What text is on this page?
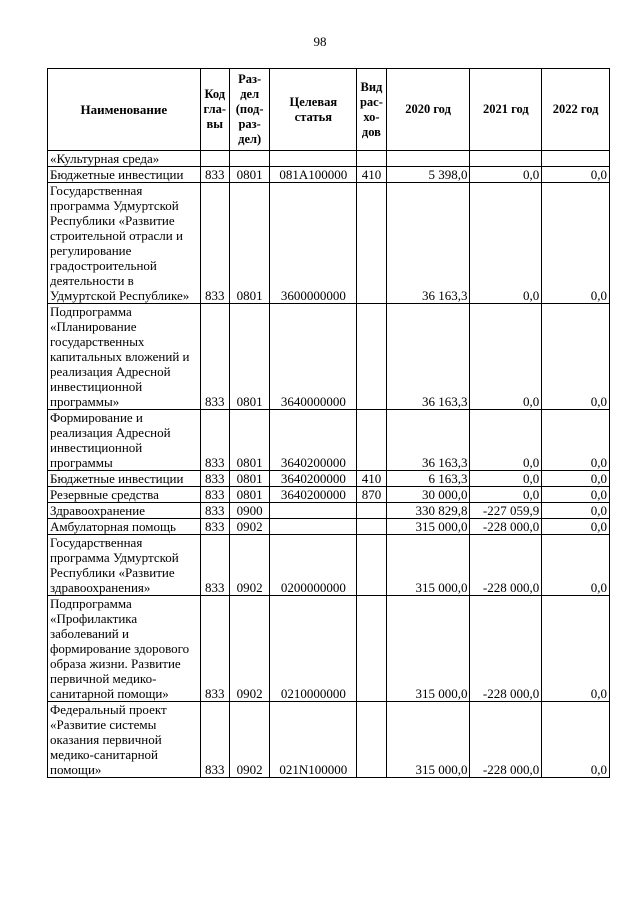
98
Наименование	Код гла- вы	Раз- дел (под- раз- дел)	Целевая статья	Вид рас- хо- дов	2020 год	2021 год	2022 год
«Культурная среда»							
Бюджетные инвестиции	833	0801	081А100000	410	5 398,0	0,0	0,0
Государственная программа Удмуртской Республики «Развитие строительной отрасли и регулирование градостроительной деятельности в Удмуртской Республике»	833	0801	3600000000		36 163,3	0,0	0,0
Подпрограмма «Планирование государственных капитальных вложений и реализация Адресной инвестиционной программы»	833	0801	3640000000		36 163,3	0,0	0,0
Формирование и реализация Адресной инвестиционной программы	833	0801	3640200000		36 163,3	0,0	0,0
Бюджетные инвестиции	833	0801	3640200000	410	6 163,3	0,0	0,0
Резервные средства	833	0801	3640200000	870	30 000,0	0,0	0,0
Здравоохранение	833	0900			330 829,8	-227 059,9	0,0
Амбулаторная помощь	833	0902			315 000,0	-228 000,0	0,0
Государственная программа Удмуртской Республики «Развитие здравоохранения»	833	0902	0200000000		315 000,0	-228 000,0	0,0
Подпрограмма «Профилактика заболеваний и формирование здорового образа жизни. Развитие первичной медико-санитарной помощи»	833	0902	0210000000		315 000,0	-228 000,0	0,0
Федеральный проект «Развитие системы оказания первичной медико-санитарной помощи»	833	0902	021N100000		315 000,0	-228 000,0	0,0
